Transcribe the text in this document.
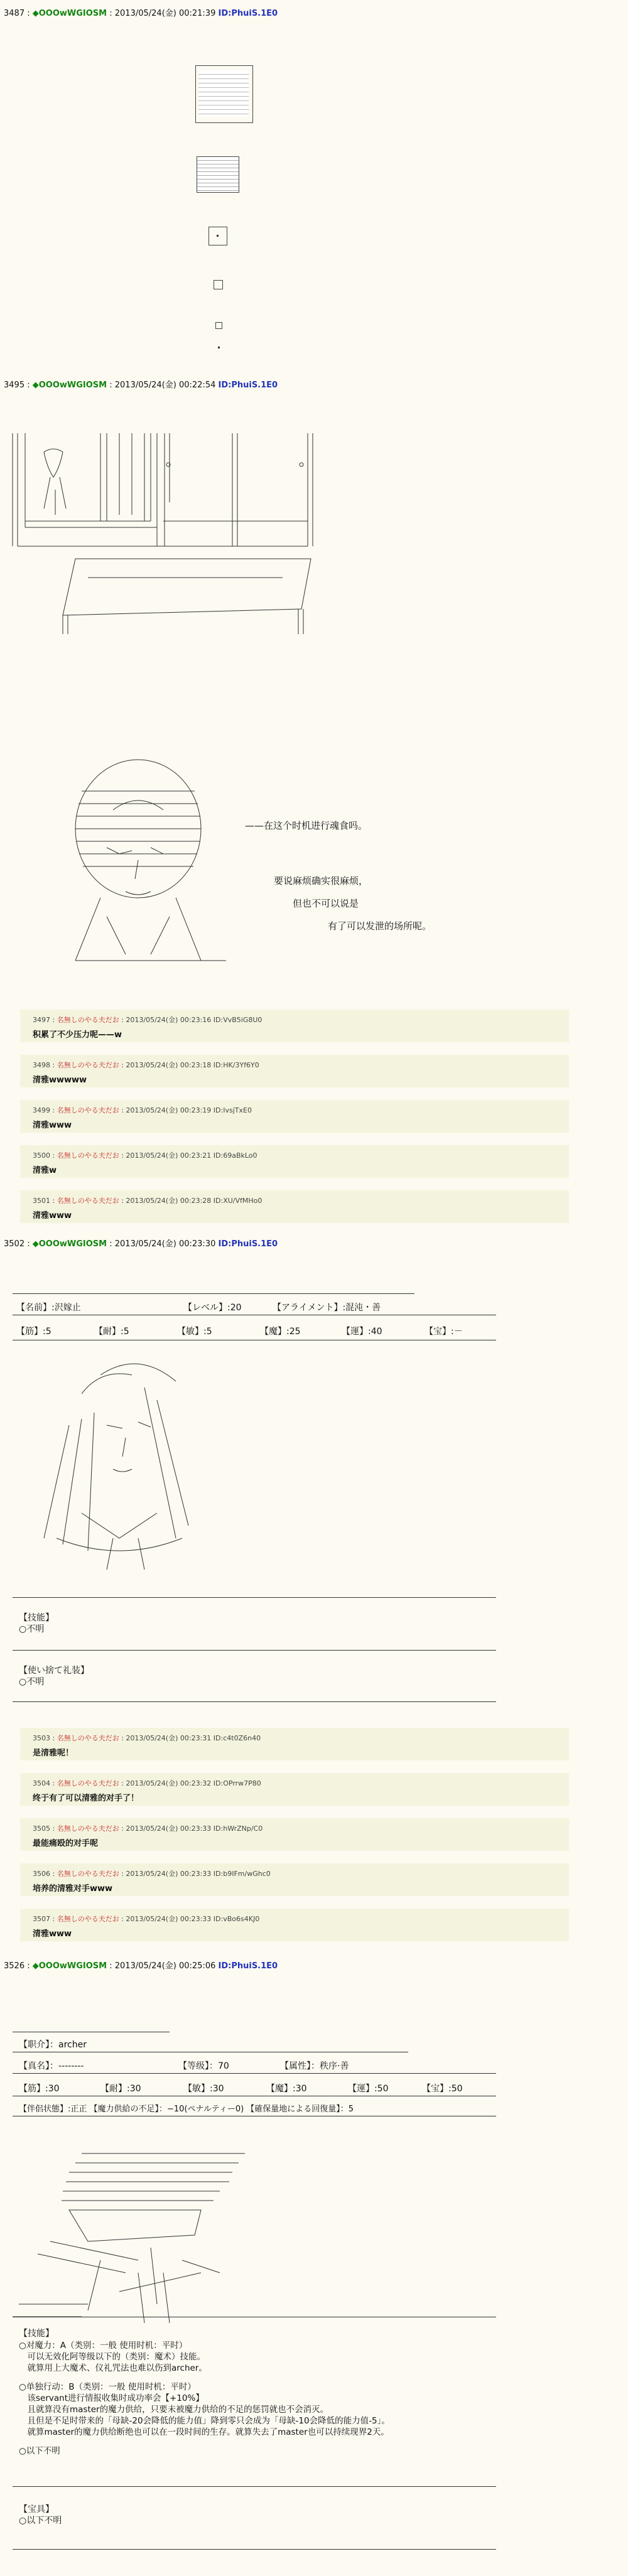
3487 : ◆OOOwWGIOSM : 2013/05/24(金) 00:21:39 ID:PhuiS.1E0
3495 : ◆OOOwWGIOSM : 2013/05/24(金) 00:22:54 ID:PhuiS.1E0
——在这个时机进行魂食吗。
要说麻烦确实很麻烦，
但也不可以说是
有了可以发泄的场所呢。
3497 : 名無しのやる夫だお : 2013/05/24(金) 00:23:16 ID:VvB5iG8U0
积累了不少压力呢——w
3498 : 名無しのやる夫だお : 2013/05/24(金) 00:23:18 ID:HK/3Yf6Y0
清雅wwwww
3499 : 名無しのやる夫だお : 2013/05/24(金) 00:23:19 ID:IvsjTxE0
清雅www
3500 : 名無しのやる夫だお : 2013/05/24(金) 00:23:21 ID:69aBkLo0
清雅w
3501 : 名無しのやる夫だお : 2013/05/24(金) 00:23:28 ID:XU/VfMHo0
清雅www
3502 : ◆OOOwWGIOSM : 2013/05/24(金) 00:23:30 ID:PhuiS.1E0
【名前】:沢嫁止	【レベル】:20	【アライメント】:混沌・善
【筋】:5	【耐】:5	【敏】:5	【魔】:25	【運】:40	【宝】:－
【技能】
○不明
【使い捨て礼装】
○不明
3503 : 名無しのやる夫だお : 2013/05/24(金) 00:23:31 ID:c4t0Z6n40
是清雅呢！
3504 : 名無しのやる夫だお : 2013/05/24(金) 00:23:32 ID:OPrrw7P80
终于有了可以清雅的对手了！
3505 : 名無しのやる夫だお : 2013/05/24(金) 00:23:33 ID:hWrZNp/C0
最能痛殴的对手呢
3506 : 名無しのやる夫だお : 2013/05/24(金) 00:23:33 ID:b9IFm/wGhc0
培养的清雅对手www
3507 : 名無しのやる夫だお : 2013/05/24(金) 00:23:33 ID:vBo6s4KJ0
清雅www
3526 : ◆OOOwWGIOSM : 2013/05/24(金) 00:25:06 ID:PhuiS.1E0
【职介】：archer
【真名】：--------	【等级】：70	【属性】：秩序·善
【筋】:30	【耐】:30	【敏】:30	【魔】:30	【運】:50	【宝】:50
【伴侶状態】:正正 【魔力供給の不足】：−10(ペナルティー0) 【確保量地による回復量】：5
【技能】
○对魔力：A（类别：一般 使用时机：平时）
　可以无效化阿等级以下的（类别：魔术）技能。
　就算用上大魔术、仪礼咒法也难以伤到archer。
○单独行动：B（类别：一般 使用时机：平时）
　该servant进行情报收集时成功率会【+10%】
　且就算没有master的魔力供给，只要未被魔力供给的不足的惩罚就也不会消灭。
　且但是不足时带来的「母缺-20会降低的能力值」降到零只会成为「母缺-10会降低的能力值-5」。
　就算master的魔力供给断绝也可以在一段时间的生存。就算失去了master也可以持续现界2天。
○以下不明
【宝具】
○以下不明
